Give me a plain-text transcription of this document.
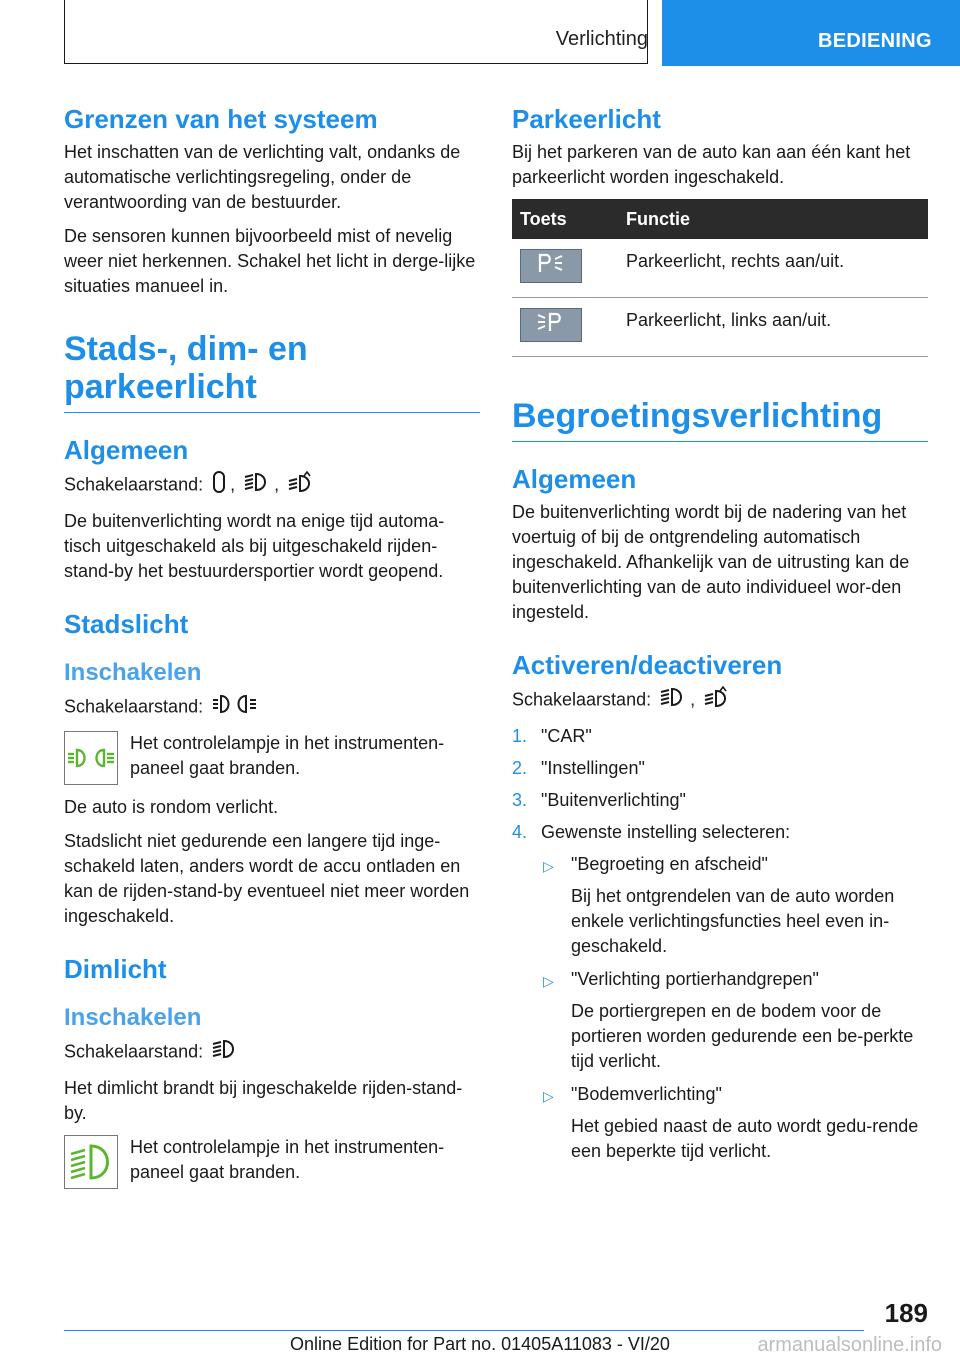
Verlichting	BEDIENING
Grenzen van het systeem

Het inschatten van de verlichting valt, ondanks de automatische verlichtingsregeling, onder de verantwoording van de bestuurder.

De sensoren kunnen bijvoorbeeld mist of nevelig weer niet herkennen. Schakel het licht in derge-lijke situaties manueel in.

Stads-, dim- en parkeerlicht
Algemeen

Schakelaarstand: , ,

De buitenverlichting wordt na enige tijd automa-tisch uitgeschakeld als bij uitgeschakeld rijden-stand-by het bestuurdersportier wordt geopend.

Stadslicht
Inschakelen

Schakelaarstand:

Het controlelampje in het instrumenten-paneel gaat branden.

De auto is rondom verlicht.

Stadslicht niet gedurende een langere tijd inge-schakeld laten, anders wordt de accu ontladen en kan de rijden-stand-by eventueel niet meer worden ingeschakeld.

Dimlicht
Inschakelen

Schakelaarstand:

Het dimlicht brandt bij ingeschakelde rijden-stand-by.

Het controlelampje in het instrumenten-paneel gaat branden.
Parkeerlicht

Bij het parkeren van de auto kan aan één kant het parkeerlicht worden ingeschakeld.

Toets	Functie

	Parkeerlicht, rechts aan/uit.

	Parkeerlicht, links aan/uit.
Begroetingsverlichting
Algemeen

De buitenverlichting wordt bij de nadering van het voertuig of bij de ontgrendeling automatisch ingeschakeld. Afhankelijk van de uitrusting kan de buitenverlichting van de auto individueel wor-den ingesteld.

Activeren/deactiveren

Schakelaarstand: ,

1. "CAR"
2. "Instellingen"
3. "Buitenverlichting"
4. Gewenste instelling selecteren:
▷ "Begroeting en afscheid"
Bij het ontgrendelen van de auto worden enkele verlichtingsfuncties heel even in-geschakeld.
▷ "Verlichting portierhandgrepen"
De portiergrepen en de bodem voor de portieren worden gedurende een be-perkte tijd verlicht.
▷ "Bodemverlichting"
Het gebied naast de auto wordt gedu-rende een beperkte tijd verlicht.
189
Online Edition for Part no. 01405A11083 - VI/20	armanualsonline.info
